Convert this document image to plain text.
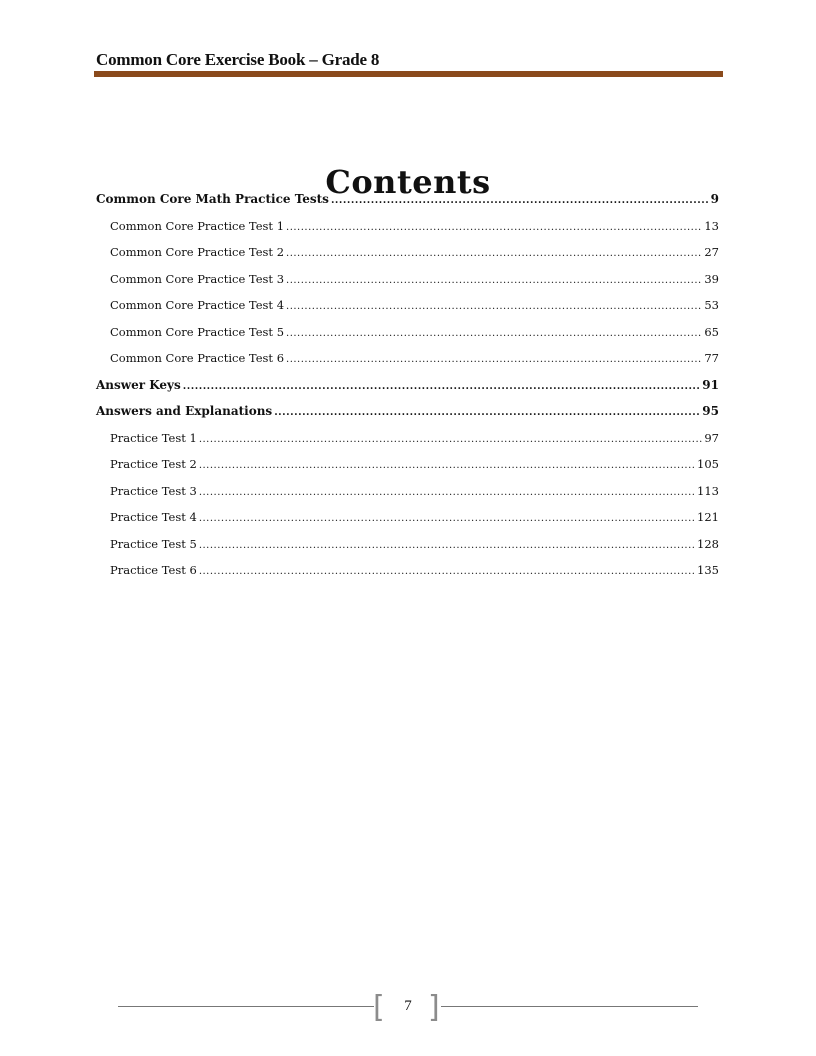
Common Core Exercise Book – Grade 8
Contents
Common Core Math Practice Tests .....	9
Common Core Practice Test 1 .....	13
Common Core Practice Test 2 .....	27
Common Core Practice Test 3 .....	39
Common Core Practice Test 4 .....	53
Common Core Practice Test 5 .....	65
Common Core Practice Test 6 .....	77
Answer Keys .....	91
Answers and Explanations .....	95
Practice Test 1 .....	97
Practice Test 2 .....	105
Practice Test 3 .....	113
Practice Test 4 .....	121
Practice Test 5 .....	128
Practice Test 6 .....	135
[	7 ]
